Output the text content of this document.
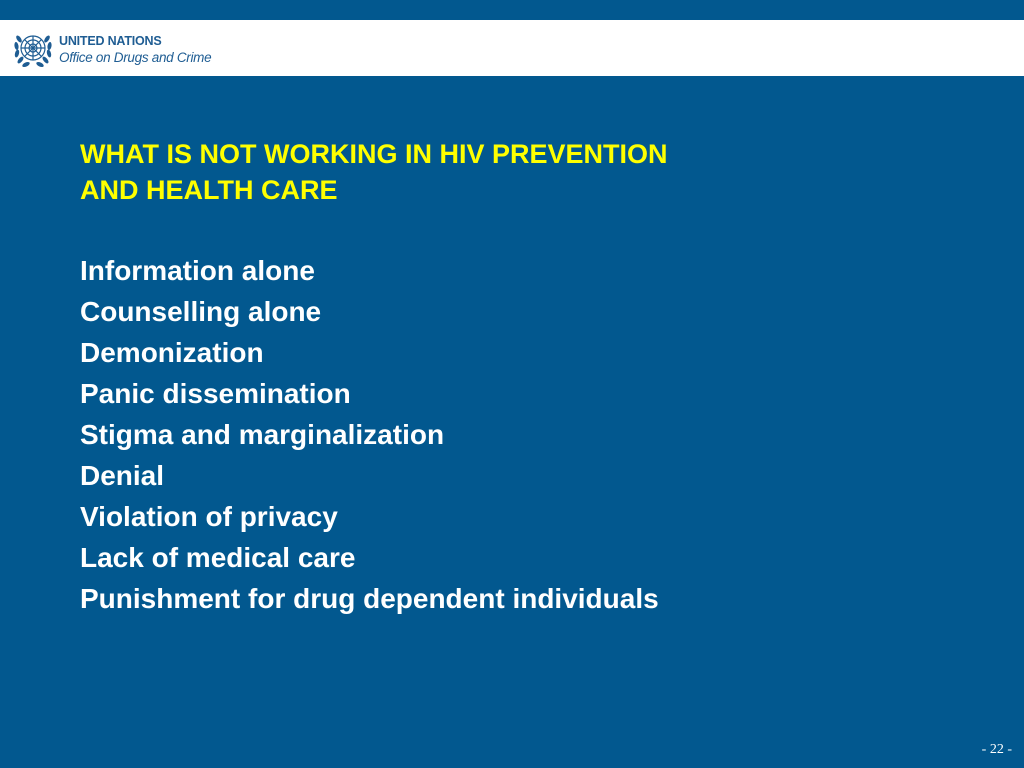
UNITED NATIONS
Office on Drugs and Crime
WHAT IS NOT WORKING IN HIV PREVENTION
AND HEALTH CARE
Information alone
Counselling alone
Demonization
Panic dissemination
Stigma and marginalization
Denial
Violation of privacy
Lack of medical care
Punishment for drug dependent individuals
- 22 -
